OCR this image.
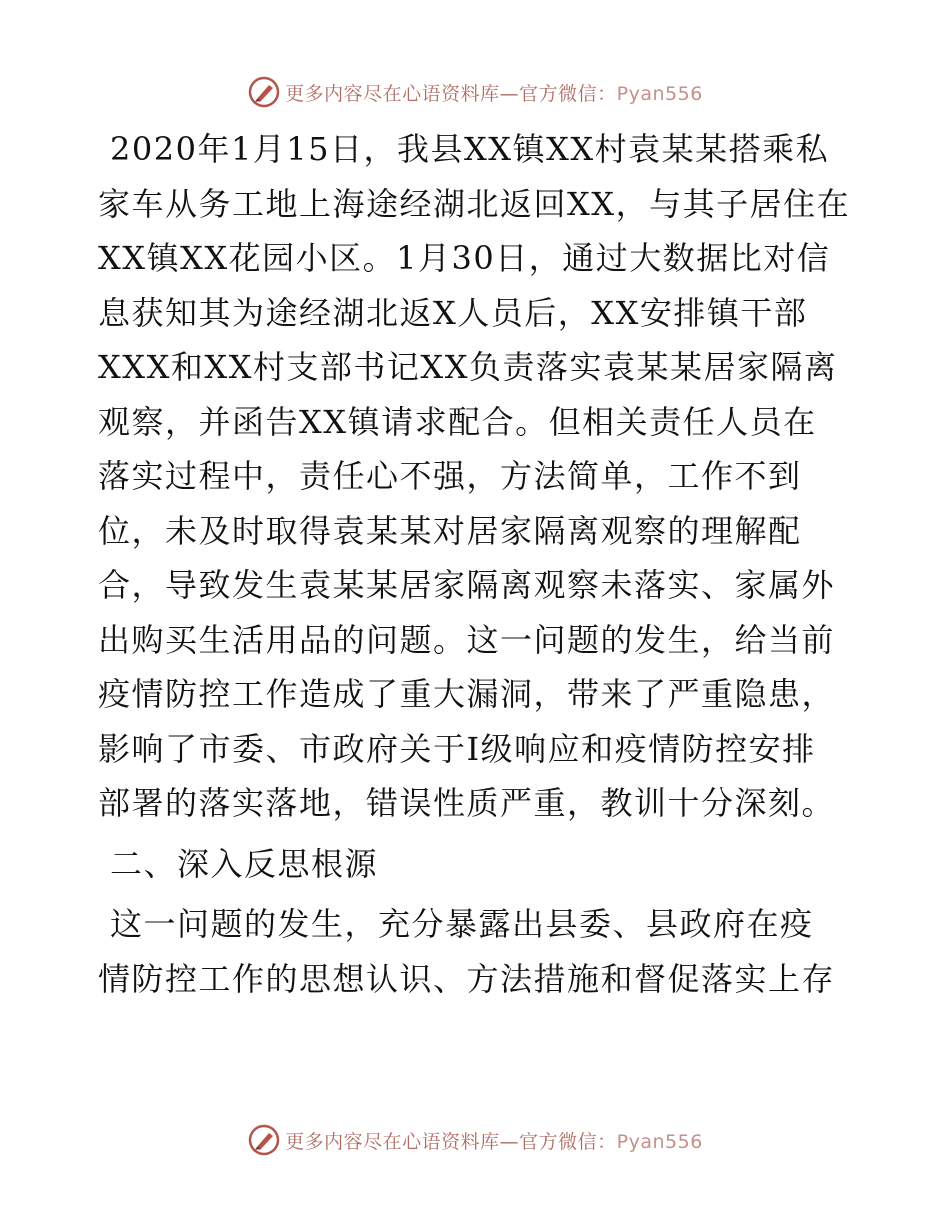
更多内容尽在心语资料库—官方微信：Pyan556
2020年1月15日，我县XX镇XX村袁某某搭乘私
家车从务工地上海途经湖北返回XX，与其子居住在
XX镇XX花园小区。1月30日，通过大数据比对信
息获知其为途经湖北返X人员后，XX安排镇干部
XXX和XX村支部书记XX负责落实袁某某居家隔离
观察，并函告XX镇请求配合。但相关责任人员在
落实过程中，责任心不强，方法简单，工作不到
位，未及时取得袁某某对居家隔离观察的理解配
合，导致发生袁某某居家隔离观察未落实、家属外
出购买生活用品的问题。这一问题的发生，给当前
疫情防控工作造成了重大漏洞，带来了严重隐患，
影响了市委、市政府关于Ⅰ级响应和疫情防控安排
部署的落实落地，错误性质严重，教训十分深刻。
二、深入反思根源
这一问题的发生，充分暴露出县委、县政府在疫
情防控工作的思想认识、方法措施和督促落实上存
更多内容尽在心语资料库—官方微信：Pyan556
